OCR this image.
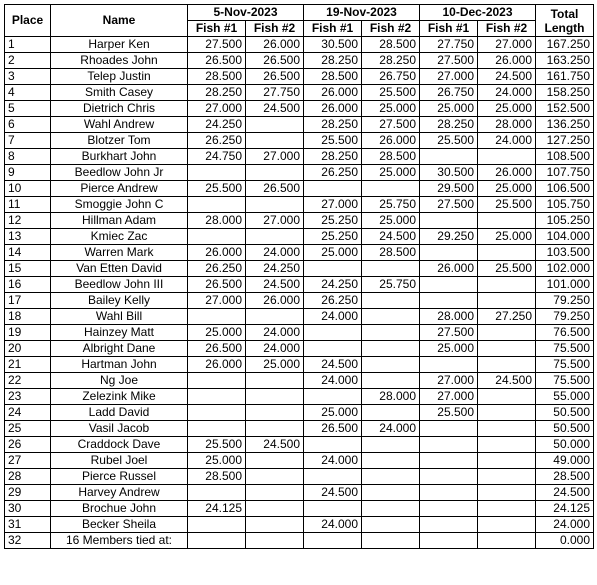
Place	Name	5-Nov-2023		19-Nov-2023		10-Dec-2023		Total Length
		Fish #1	Fish #2	Fish #1	Fish #2	Fish #1	Fish #2	
1	Harper Ken	27.500	26.000	30.500	28.500	27.750	27.000	167.250
2	Rhoades John	26.500	26.500	28.250	28.250	27.500	26.000	163.250
3	Telep Justin	28.500	26.500	28.500	26.750	27.000	24.500	161.750
4	Smith Casey	28.250	27.750	26.000	25.500	26.750	24.000	158.250
5	Dietrich Chris	27.000	24.500	26.000	25.000	25.000	25.000	152.500
6	Wahl Andrew	24.250		28.250	27.500	28.250	28.000	136.250
7	Blotzer Tom	26.250		25.500	26.000	25.500	24.000	127.250
8	Burkhart John	24.750	27.000	28.250	28.500			108.500
9	Beedlow John Jr			26.250	25.000	30.500	26.000	107.750
10	Pierce Andrew	25.500	26.500			29.500	25.000	106.500
11	Smoggie John C			27.000	25.750	27.500	25.500	105.750
12	Hillman Adam	28.000	27.000	25.250	25.000			105.250
13	Kmiec Zac			25.250	24.500	29.250	25.000	104.000
14	Warren Mark	26.000	24.000	25.000	28.500			103.500
15	Van Etten David	26.250	24.250			26.000	25.500	102.000
16	Beedlow John III	26.500	24.500	24.250	25.750			101.000
17	Bailey Kelly	27.000	26.000	26.250				79.250
18	Wahl Bill			24.000		28.000	27.250	79.250
19	Hainzey Matt	25.000	24.000			27.500		76.500
20	Albright Dane	26.500	24.000			25.000		75.500
21	Hartman John	26.000	25.000	24.500				75.500
22	Ng Joe			24.000		27.000	24.500	75.500
23	Zelezink Mike				28.000	27.000		55.000
24	Ladd David			25.000		25.500		50.500
25	Vasil Jacob			26.500	24.000			50.500
26	Craddock Dave	25.500	24.500					50.000
27	Rubel Joel	25.000		24.000				49.000
28	Pierce Russel	28.500						28.500
29	Harvey Andrew			24.500				24.500
30	Brochue John	24.125						24.125
31	Becker Sheila			24.000				24.000
32	16 Members tied at:							0.000
